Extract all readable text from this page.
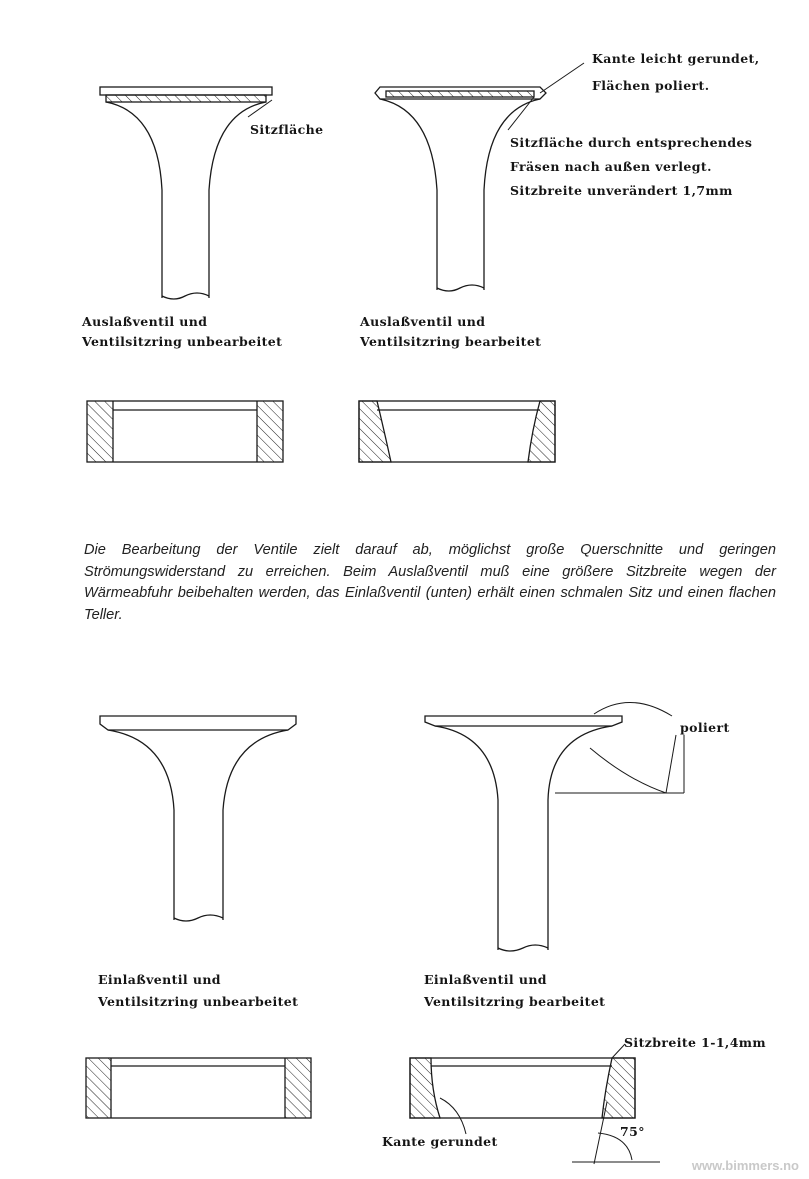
Sitzfläche
Auslaßventil und
Ventilsitzring unbearbeitet
Kante leicht gerundet,
Flächen poliert.
Sitzfläche durch entsprechendes
Fräsen nach außen verlegt.
Sitzbreite unverändert 1,7mm
Auslaßventil und
Ventilsitzring bearbeitet
Die Bearbeitung der Ventile zielt darauf ab, möglichst große Querschnitte und geringen Strömungswiderstand zu erreichen. Beim Auslaßventil muß eine größere Sitzbreite wegen der Wärmeabfuhr beibehalten werden, das Einlaßventil (unten) erhält einen schmalen Sitz und einen flachen Teller.
poliert
Einlaßventil und
Ventilsitzring unbearbeitet
Einlaßventil und
Ventilsitzring bearbeitet
Sitzbreite 1-1,4mm
Kante gerundet
75°
www.bimmers.no
